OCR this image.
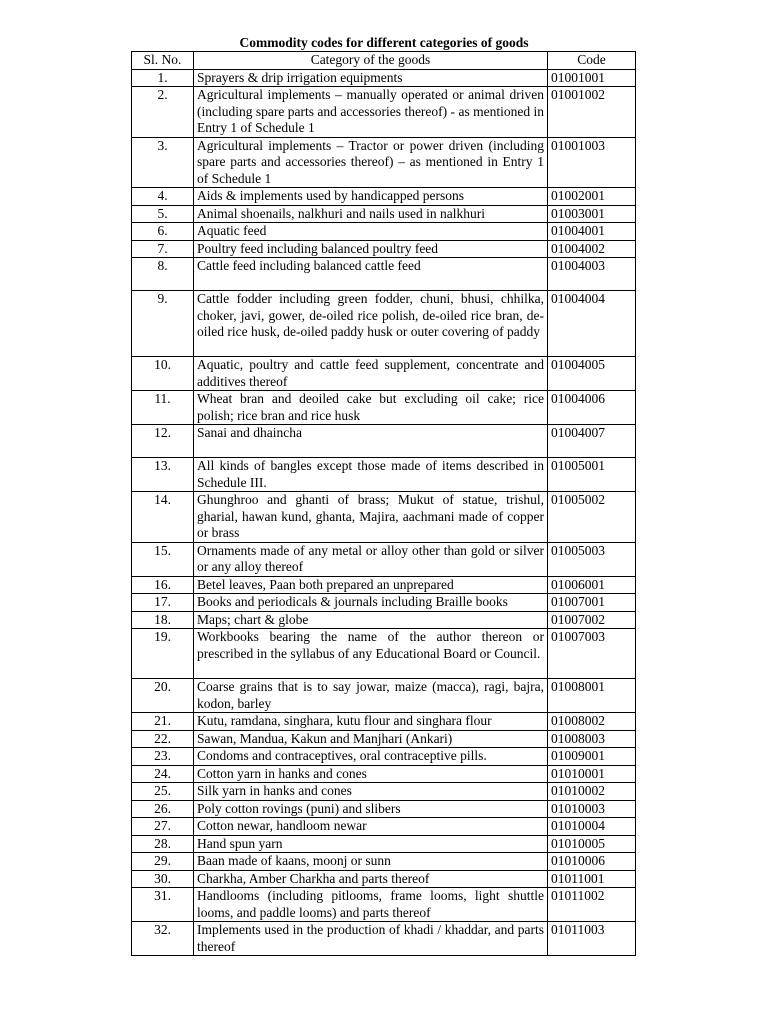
Commodity codes for different categories of goods
Sl. No.	Category of the goods	Code
1.	Sprayers & drip irrigation equipments	01001001
2.	Agricultural implements – manually operated or animal driven (including spare parts and accessories thereof) - as mentioned in Entry 1 of Schedule 1	01001002
3.	Agricultural implements – Tractor or power driven (including spare parts and accessories thereof) – as mentioned in Entry 1 of Schedule 1	01001003
4.	Aids & implements used by handicapped persons	01002001
5.	Animal shoenails, nalkhuri and nails used in nalkhuri	01003001
6.	Aquatic feed	01004001
7.	Poultry feed including balanced poultry feed	01004002
8.	Cattle feed including balanced cattle feed	01004003
9.	Cattle fodder including green fodder, chuni, bhusi, chhilka, choker, javi, gower, de-oiled rice polish, de-oiled rice bran, de-oiled rice husk, de-oiled paddy husk or outer covering of paddy	01004004
10.	Aquatic, poultry and cattle feed supplement, concentrate and additives thereof	01004005
11.	Wheat bran and deoiled cake but excluding oil cake; rice polish; rice bran and rice husk	01004006
12.	Sanai and dhaincha	01004007
13.	All kinds of bangles except those made of items described in Schedule III.	01005001
14.	Ghunghroo and ghanti of brass; Mukut of statue, trishul, gharial, hawan kund, ghanta, Majira, aachmani made of copper or brass	01005002
15.	Ornaments made of any metal or alloy other than gold or silver or any alloy thereof	01005003
16.	Betel leaves, Paan both prepared an unprepared	01006001
17.	Books and periodicals & journals including Braille books	01007001
18.	Maps; chart & globe	01007002
19.	Workbooks bearing the name of the author thereon or prescribed in the syllabus of any Educational Board or Council.	01007003
20.	Coarse grains that is to say jowar, maize (macca), ragi, bajra, kodon, barley	01008001
21.	Kutu, ramdana, singhara, kutu flour and singhara flour	01008002
22.	Sawan, Mandua, Kakun and Manjhari (Ankari)	01008003
23.	Condoms and contraceptives, oral contraceptive pills.	01009001
24.	Cotton yarn in hanks and cones	01010001
25.	Silk yarn in hanks and cones	01010002
26.	Poly cotton rovings (puni) and slibers	01010003
27.	Cotton newar, handloom newar	01010004
28.	Hand spun yarn	01010005
29.	Baan made of kaans, moonj or sunn	01010006
30.	Charkha, Amber Charkha and parts thereof	01011001
31.	Handlooms (including pitlooms, frame looms, light shuttle looms, and paddle looms) and parts thereof	01011002
32.	Implements used in the production of khadi / khaddar, and parts thereof	01011003
